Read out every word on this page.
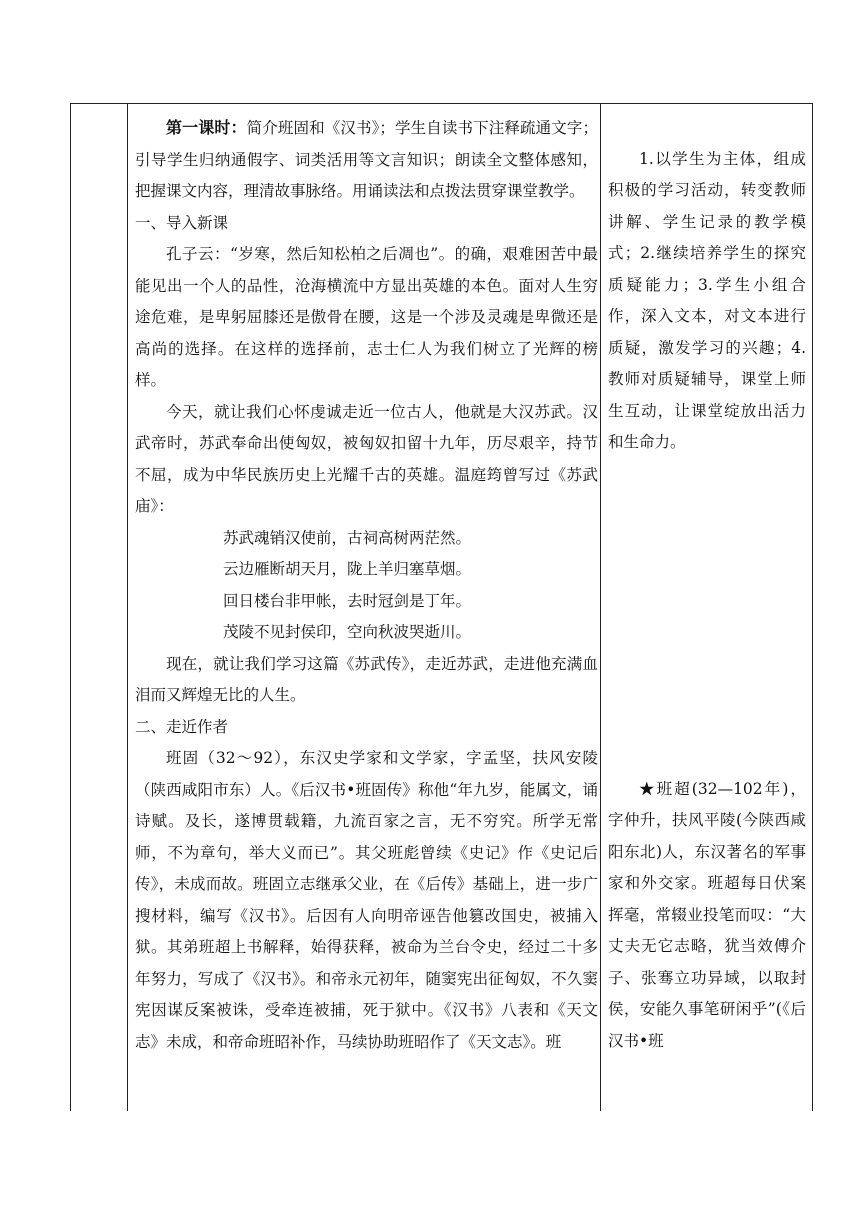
第一课时：简介班固和《汉书》；学生自读书下注释疏通文字；引导学生归纳通假字、词类活用等文言知识；朗读全文整体感知，把握课文内容，理清故事脉络。用诵读法和点拨法贯穿课堂教学。

一、导入新课

孔子云：“岁寒，然后知松柏之后凋也”。的确，艰难困苦中最能见出一个人的品性，沧海横流中方显出英雄的本色。面对人生穷途危难，是卑躬屈膝还是傲骨在腰，这是一个涉及灵魂是卑微还是高尚的选择。在这样的选择前，志士仁人为我们树立了光辉的榜样。

今天，就让我们心怀虔诚走近一位古人，他就是大汉苏武。汉武帝时，苏武奉命出使匈奴，被匈奴扣留十九年，历尽艰辛，持节不屈，成为中华民族历史上光耀千古的英雄。温庭筠曾写过《苏武庙》：

苏武魂销汉使前，古祠高树两茫然。
云边雁断胡天月，陇上羊归塞草烟。
回日楼台非甲帐，去时冠剑是丁年。
茂陵不见封侯印，空向秋波哭逝川。

现在，就让我们学习这篇《苏武传》，走近苏武，走进他充满血泪而又辉煌无比的人生。

二、走近作者

班固（32～92），东汉史学家和文学家，字孟坚，扶风安陵（陕西咸阳市东）人。《后汉书•班固传》称他“年九岁，能属文，诵诗赋。及长，遂博贯载籍，九流百家之言，无不穷究。所学无常师，不为章句，举大义而已”。其父班彪曾续《史记》作《史记后传》，未成而故。班固立志继承父业，在《后传》基础上，进一步广搜材料，编写《汉书》。后因有人向明帝诬告他篡改国史，被捕入狱。其弟班超上书解释，始得获释，被命为兰台令史，经过二十多年努力，写成了《汉书》。和帝永元初年，随窦宪出征匈奴，不久窦宪因谋反案被诛，受牵连被捕，死于狱中。《汉书》八表和《天文志》未成，和帝命班昭补作，马续协助班昭作了《天文志》。班

1.以学生为主体，组成积极的学习活动，转变教师讲解、学生记录的教学模式；2.继续培养学生的探究质疑能力；3.学生小组合作，深入文本，对文本进行质疑，激发学习的兴趣；4.教师对质疑辅导，课堂上师生互动，让课堂绽放出活力和生命力。

★班超(32—102年)，字仲升，扶风平陵(今陕西咸阳东北)人，东汉著名的军事家和外交家。班超每日伏案挥毫，常辍业投笔而叹：“大丈夫无它志略，犹当效傅介子、张骞立功异域，以取封侯，安能久事笔研闲乎”(《后汉书•班
